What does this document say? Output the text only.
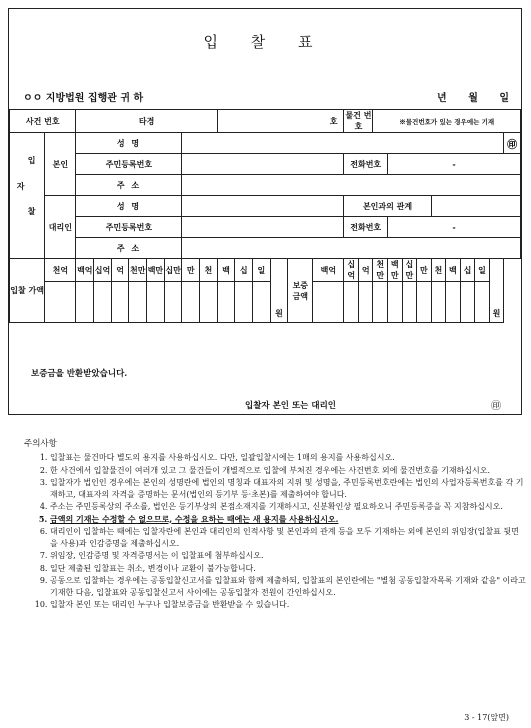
입 찰 표
ㅇㅇ 지방법원 집행관 귀 하	년 월 일
사건 번호		타경								호						물건 번호		※물건번호가 있는 경우에는 기재									
입 찰 자	본인	성 명																									㊞
		주민등록번호														전화번호			-								
		주 소																									
	대리인	성 명														본인과의 관계											
		주민등록번호														전화번호			-								
		주 소																									
입찰 가액	천억	백억	십억	억	천만	백만	십만	만	천	백	십	일	원	보증 금액	백억	십억	억	천만	백만	십만	만	천	백	십	일	원	

보증금을 반환받았습니다.
입찰자 본인 또는 대리인	㊞
주의사항
1. 입찰표는 물건마다 별도의 용지를 사용하십시오. 다만, 일괄입찰시에는 1매의 용지를 사용하십시오.
2. 한 사건에서 입찰물건이 여러개 있고 그 물건들이 개별적으로 입찰에 부쳐진 경우에는 사건번호 외에 물건번호를 기재하십시오.
3. 입찰자가 법인인 경우에는 본인의 성명란에 법인의 명칭과 대표자의 지위 및 성명을, 주민등록번호란에는 법인의 사업자등록번호를 각 기재하고, 대표자의 자격을 증명하는 문서(법인의 등기부 등·초본)를 제출하여야 합니다.
4. 주소는 주민등록상의 주소를, 법인은 등기부상의 본점소재지를 기재하시고, 신분확인상 필요하오니 주민등록증을 꼭 지참하십시오.
5. 금액의 기재는 수정할 수 없으므로, 수정을 요하는 때에는 새 용지를 사용하십시오.
6. 대리인이 입찰하는 때에는 입찰자란에 본인과 대리인의 인적사항 및 본인과의 관계 등을 모두 기재하는 외에 본인의 위임장(입찰표 뒷면을 사용)과 인감증명을 제출하십시오.
7. 위임장, 인감증명 및 자격증명서는 이 입찰표에 첨부하십시오.
8. 일단 제출된 입찰표는 취소, 변경이나 교환이 불가능합니다.
9. 공동으로 입찰하는 경우에는 공동입찰신고서를 입찰표와 함께 제출하되, 입찰표의 본인란에는 "별첨 공동입찰자목록 기재와 같음" 이라고 기재한 다음, 입찰표와 공동입찰신고서 사이에는 공동입찰자 전원이 간인하십시오.
10. 입찰자 본인 또는 대리인 누구나 입찰보증금을 반환받을 수 있습니다.
3 - 17(앞면)
